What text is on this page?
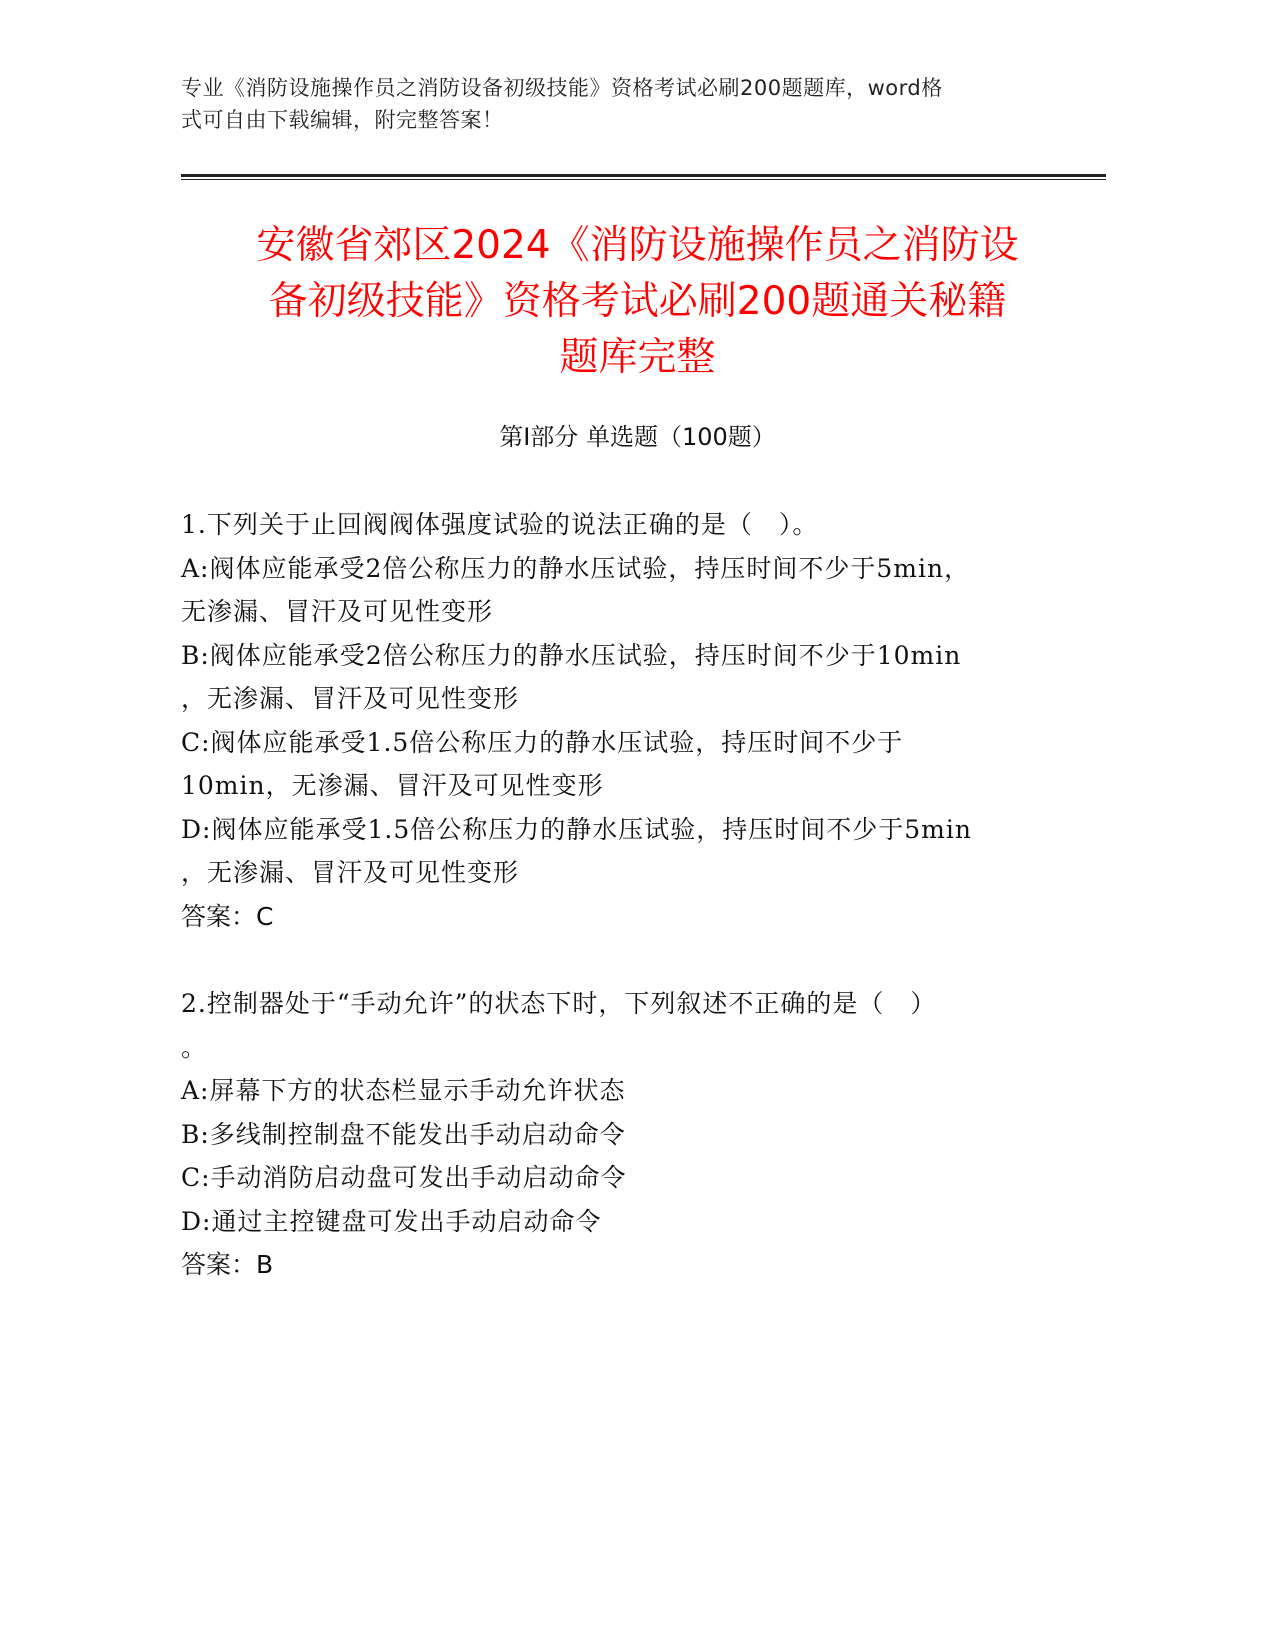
专业《消防设施操作员之消防设备初级技能》资格考试必刷200题题库，word格
式可自由下载编辑，附完整答案！
安徽省郊区2024《消防设施操作员之消防设
备初级技能》资格考试必刷200题通关秘籍
题库完整
第I部分 单选题（100题）
1.下列关于止回阀阀体强度试验的说法正确的是（　）。
A:阀体应能承受2倍公称压力的静水压试验，持压时间不少于5min，
无渗漏、冒汗及可见性变形
B:阀体应能承受2倍公称压力的静水压试验，持压时间不少于10min
，无渗漏、冒汗及可见性变形
C:阀体应能承受1.5倍公称压力的静水压试验，持压时间不少于
10min，无渗漏、冒汗及可见性变形
D:阀体应能承受1.5倍公称压力的静水压试验，持压时间不少于5min
，无渗漏、冒汗及可见性变形
答案：C
2.控制器处于“手动允许”的状态下时，下列叙述不正确的是（　）
。
A:屏幕下方的状态栏显示手动允许状态
B:多线制控制盘不能发出手动启动命令
C:手动消防启动盘可发出手动启动命令
D:通过主控键盘可发出手动启动命令
答案：B
